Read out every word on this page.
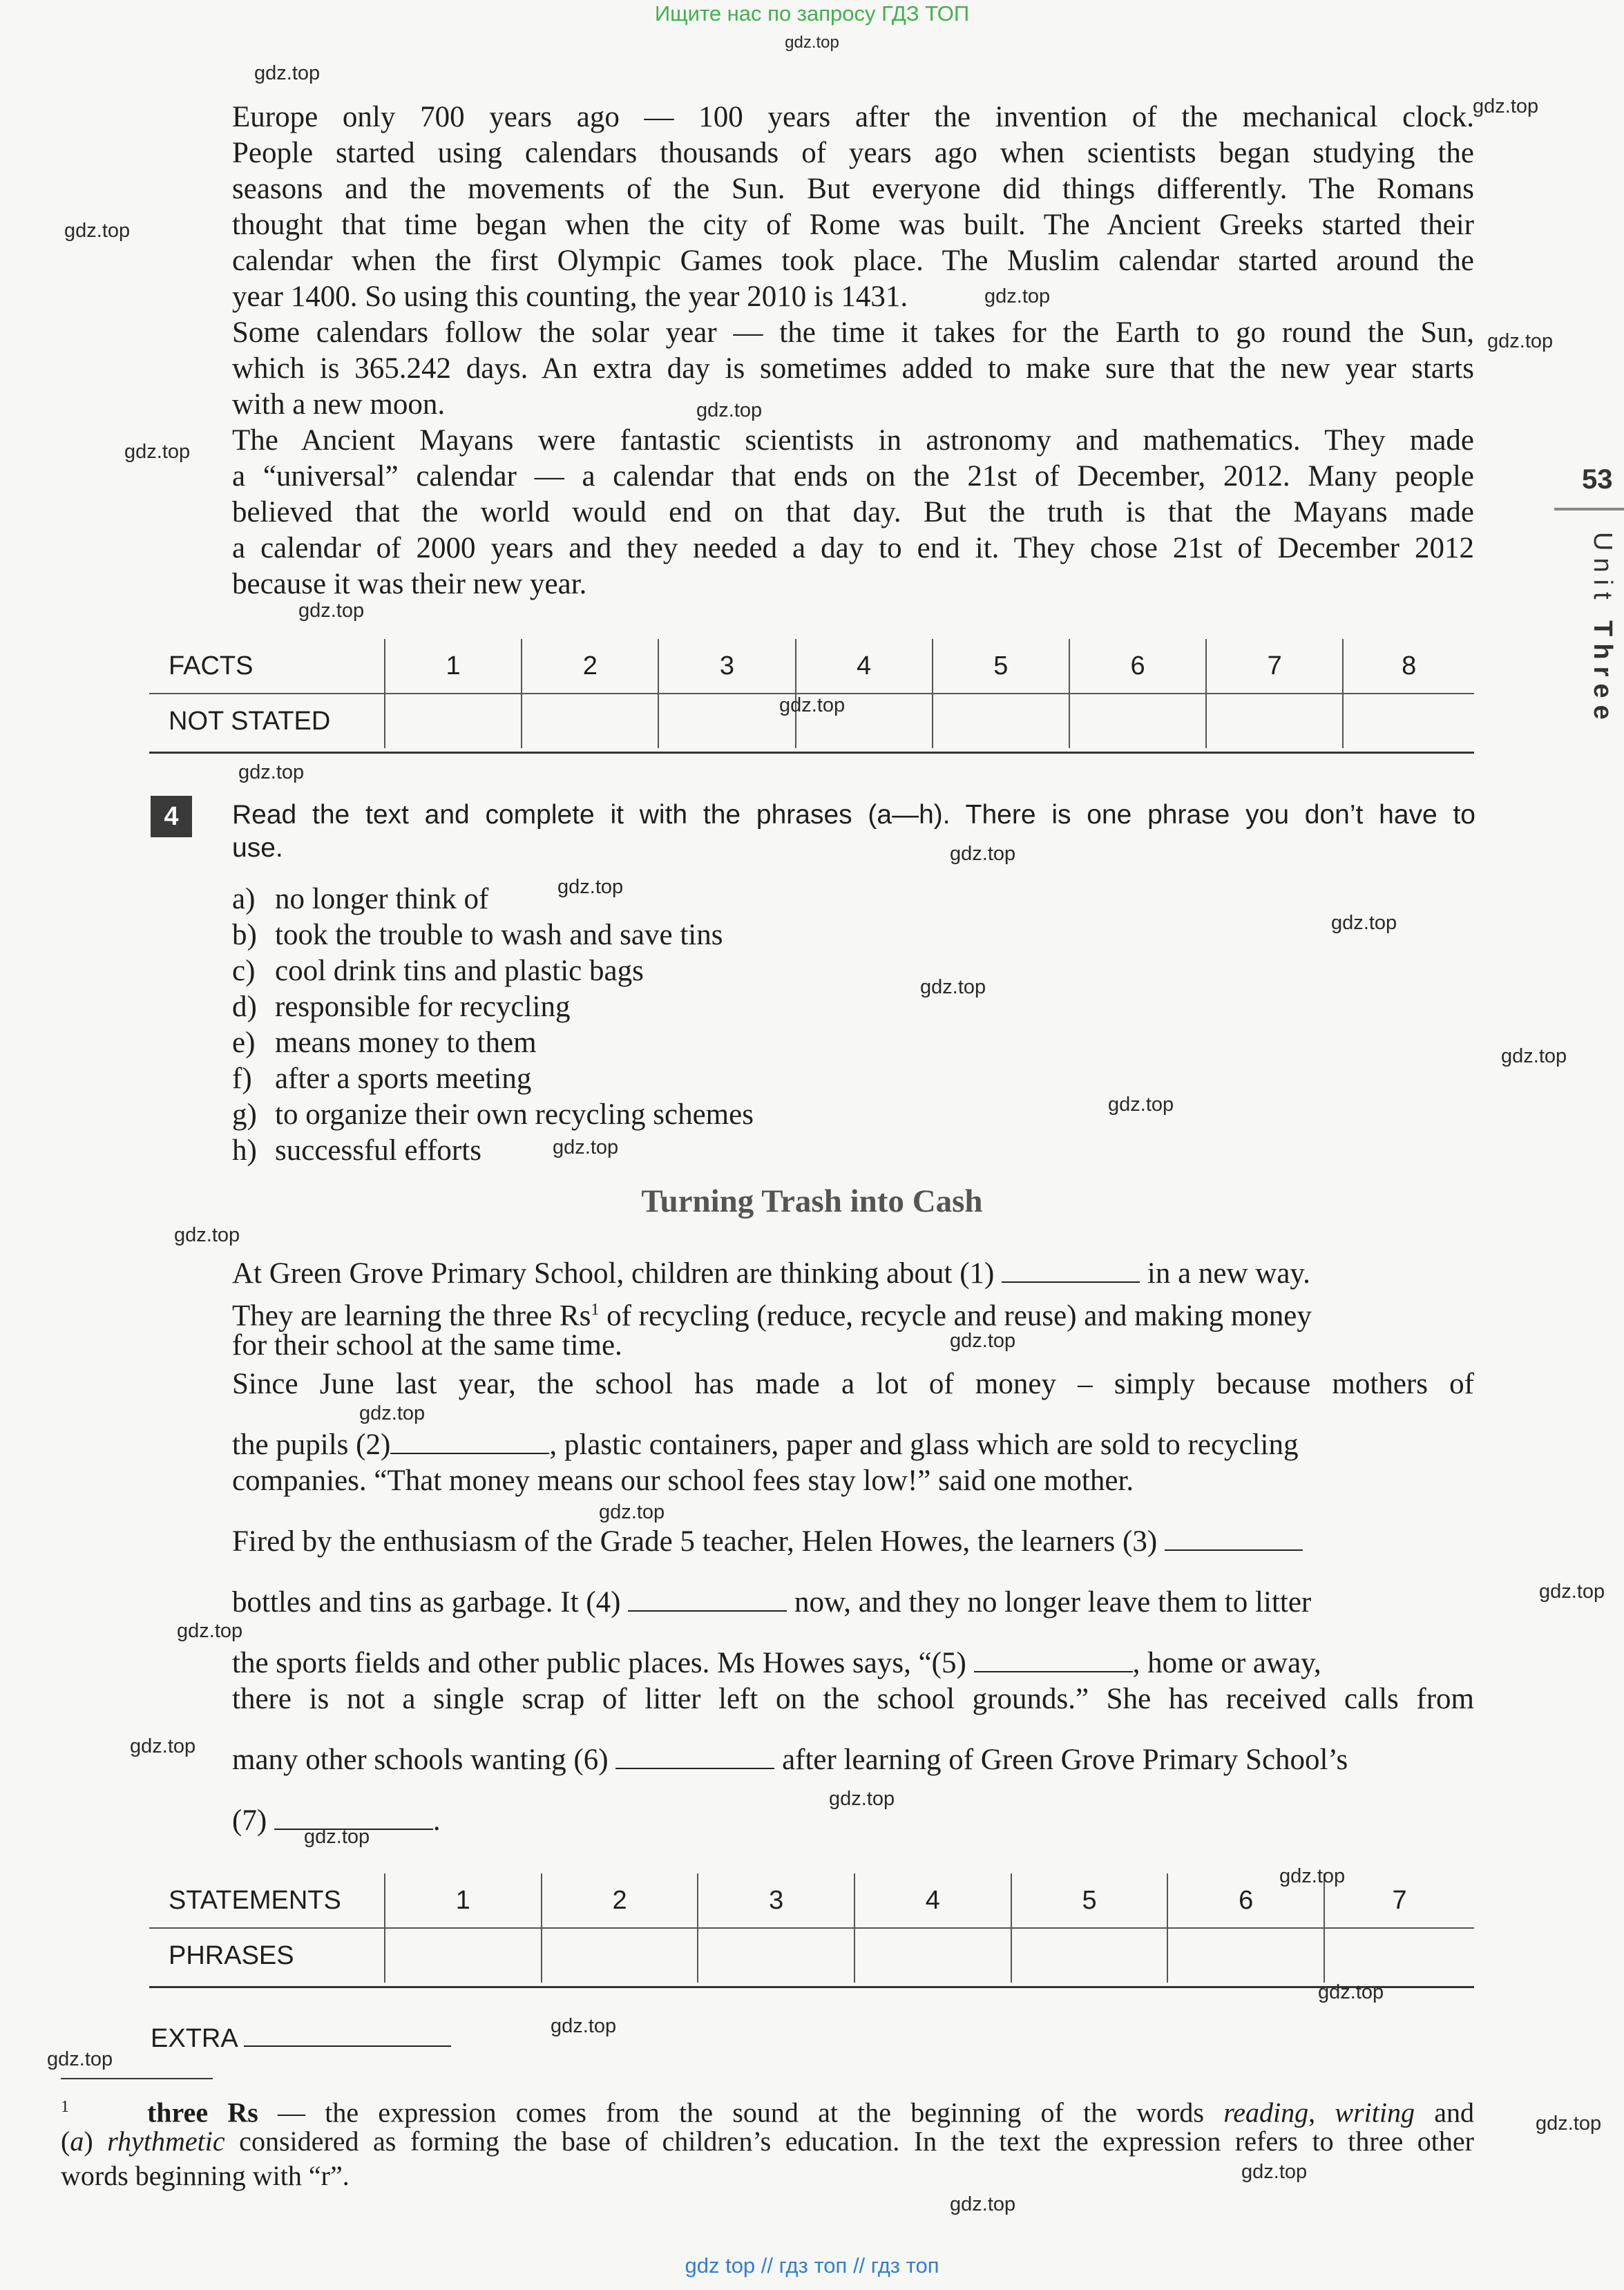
Ищите нас по запросу ГДЗ ТОП
gdz.top
53
Unit Three
Europe only 700 years ago — 100 years after the invention of the mechanical clock.
People started using calendars thousands of years ago when scientists began studying the
seasons and the movements of the Sun. But everyone did things differently. The Romans
thought that time began when the city of Rome was built. The Ancient Greeks started their
calendar when the first Olympic Games took place. The Muslim calendar started around the
year 1400. So using this counting, the year 2010 is 1431.
Some calendars follow the solar year — the time it takes for the Earth to go round the Sun,
which is 365.242 days. An extra day is sometimes added to make sure that the new year starts
with a new moon.
The Ancient Mayans were fantastic scientists in astronomy and mathematics. They made
a “universal” calendar — a calendar that ends on the 21st of December, 2012. Many people
believed that the world would end on that day. But the truth is that the Mayans made
a calendar of 2000 years and they needed a day to end it. They chose 21st of December 2012
because it was their new year.
FACTS	1	2	3	4	5	6	7	8
NOT STATED								
4	Read the text and complete it with the phrases (a—h). There is one phrase you don’t have to
use.
a) no longer think of
b) took the trouble to wash and save tins
c) cool drink tins and plastic bags
d) responsible for recycling
e) means money to them
f) after a sports meeting
g) to organize their own recycling schemes
h) successful efforts
Turning Trash into Cash
At Green Grove Primary School, children are thinking about (1)	in a new way.
They are learning the three Rs$^1$ of recycling (reduce, recycle and reuse) and making money
for their school at the same time.
Since June last year, the school has made a lot of money – simply because mothers of
the pupils (2)	, plastic containers, paper and glass which are sold to recycling
companies. “That money means our school fees stay low!” said one mother.
Fired by the enthusiasm of the Grade 5 teacher, Helen Howes, the learners (3)
bottles and tins as garbage. It (4)	now, and they no longer leave them to litter
the sports fields and other public places. Ms Howes says, “(5)	, home or away,
there is not a single scrap of litter left on the school grounds.” She has received calls from
many other schools wanting (6)	after learning of Green Grove Primary School’s
(7)	.
STATEMENTS	1	2	3	4	5	6	7
PHRASES							
EXTRA
$^1$	three Rs — the expression comes from the sound at the beginning of the words reading, writing and
(a) rhythmetic considered as forming the base of children’s education. In the text the expression refers to three other
words beginning with “r”.
gdz.top
gdz.top
gdz.top
gdz.top
gdz.top
gdz.top
gdz.top
gdz.top
gdz.top
gdz.top
gdz.top
gdz.top
gdz.top
gdz.top
gdz.top
gdz.top
gdz.top
gdz.top
gdz.top
gdz.top
gdz.top
gdz.top
gdz.top
gdz.top
gdz.top
gdz.top
gdz.top
gdz.top
gdz.top
gdz.top
gdz.top
gdz.top
gdz.top
gdz top // гдз топ // гдз топ
